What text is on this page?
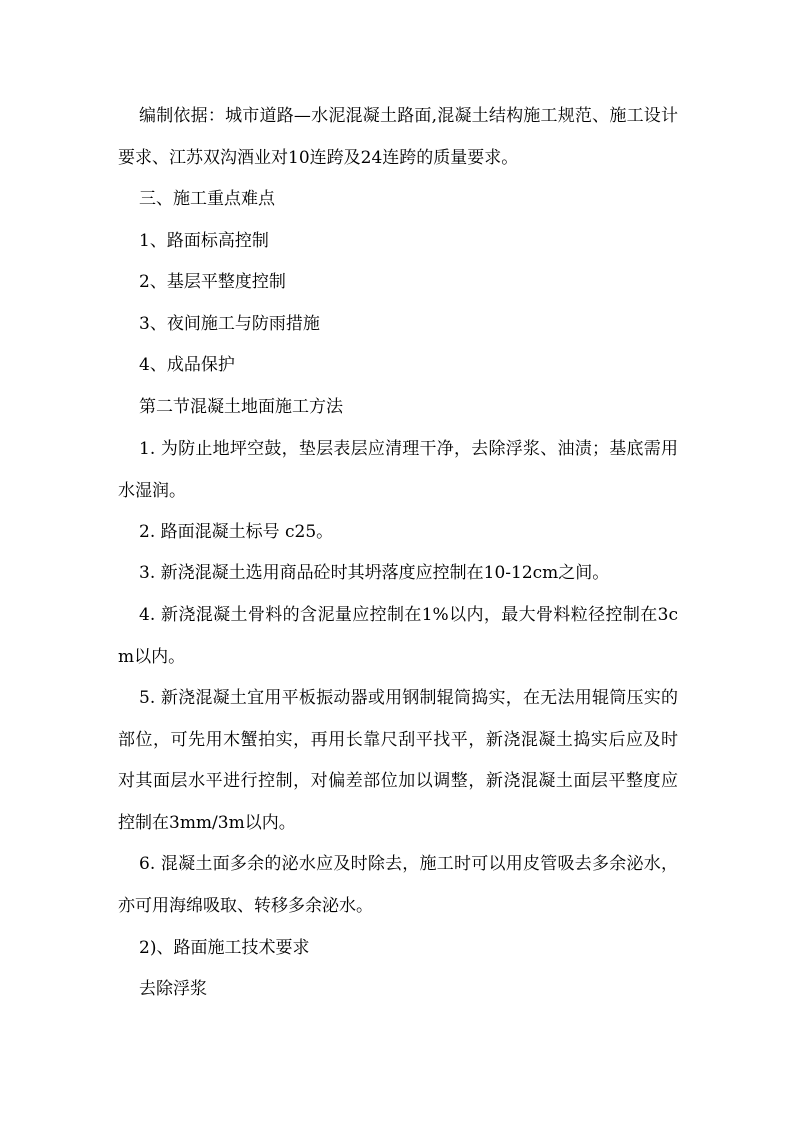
编制依据：城市道路—水泥混凝土路面,混凝土结构施工规范、施工设计要求、江苏双沟酒业对10连跨及24连跨的质量要求。

三、施工重点难点

1、路面标高控制

2、基层平整度控制

3、夜间施工与防雨措施

4、成品保护

第二节混凝土地面施工方法

1. 为防止地坪空鼓，垫层表层应清理干净，去除浮浆、油渍；基底需用水湿润。

2. 路面混凝土标号 c25。

3. 新浇混凝土选用商品砼时其坍落度应控制在10-12cm之间。

4. 新浇混凝土骨料的含泥量应控制在1%以内，最大骨料粒径控制在3cm以内。

5. 新浇混凝土宜用平板振动器或用钢制辊筒捣实，在无法用辊筒压实的部位，可先用木蟹拍实，再用长靠尺刮平找平，新浇混凝土捣实后应及时对其面层水平进行控制，对偏差部位加以调整，新浇混凝土面层平整度应控制在3mm/3m以内。

6. 混凝土面多余的泌水应及时除去，施工时可以用皮管吸去多余泌水，亦可用海绵吸取、转移多余泌水。

2)、路面施工技术要求

去除浮浆
